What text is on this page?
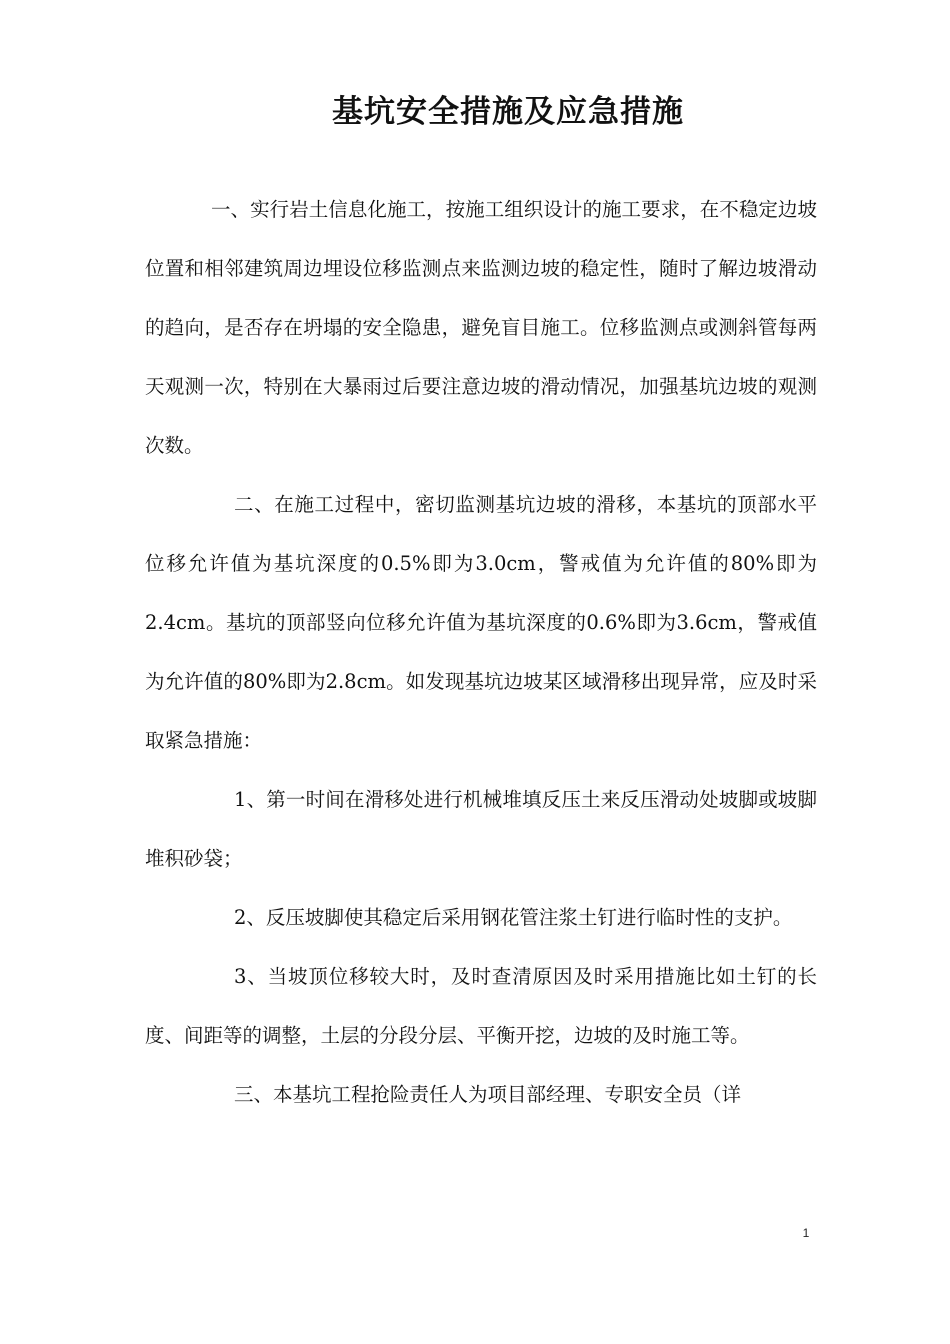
基坑安全措施及应急措施

一、实行岩土信息化施工，按施工组织设计的施工要求，在不稳定边坡位置和相邻建筑周边埋设位移监测点来监测边坡的稳定性，随时了解边坡滑动的趋向，是否存在坍塌的安全隐患，避免盲目施工。位移监测点或测斜管每两天观测一次，特别在大暴雨过后要注意边坡的滑动情况，加强基坑边坡的观测次数。

二、在施工过程中，密切监测基坑边坡的滑移，本基坑的顶部水平位移允许值为基坑深度的0.5%即为3.0cm，警戒值为允许值的80%即为2.4cm。基坑的顶部竖向位移允许值为基坑深度的0.6%即为3.6cm，警戒值为允许值的80%即为2.8cm。如发现基坑边坡某区域滑移出现异常，应及时采取紧急措施：

1、第一时间在滑移处进行机械堆填反压土来反压滑动处坡脚或坡脚堆积砂袋；

2、反压坡脚使其稳定后采用钢花管注浆土钉进行临时性的支护。

3、当坡顶位移较大时，及时查清原因及时采用措施比如土钉的长度、间距等的调整，土层的分段分层、平衡开挖，边坡的及时施工等。

三、本基坑工程抢险责任人为项目部经理、专职安全员（详

1
